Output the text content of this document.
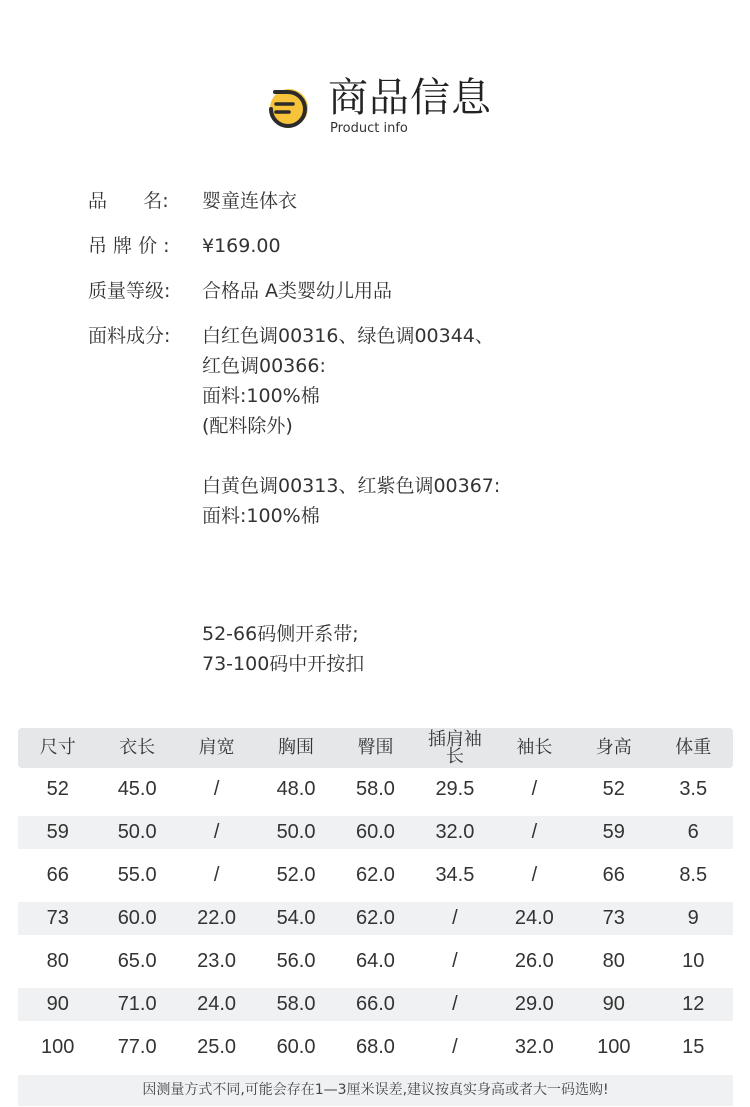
商品信息
Product info
品      名:	婴童连体衣
吊 牌 价 :	¥169.00
质量等级:	合格品 A类婴幼儿用品
面料成分:	白红色调00316、绿色调00344、
红色调00366:
面料:100%棉
(配料除外)
白黄色调00313、红紫色调00367:
面料:100%棉
52-66码侧开系带;
73-100码中开按扣
尺寸	衣长	肩宽	胸围	臀围	插肩袖长	袖长	身高	体重
52	45.0	/	48.0	58.0	29.5	/	52	3.5
59	50.0	/	50.0	60.0	32.0	/	59	6
66	55.0	/	52.0	62.0	34.5	/	66	8.5
73	60.0	22.0	54.0	62.0	/	24.0	73	9
80	65.0	23.0	56.0	64.0	/	26.0	80	10
90	71.0	24.0	58.0	66.0	/	29.0	90	12
100	77.0	25.0	60.0	68.0	/	32.0	100	15
因测量方式不同,可能会存在1—3厘米误差,建议按真实身高或者大一码选购!
